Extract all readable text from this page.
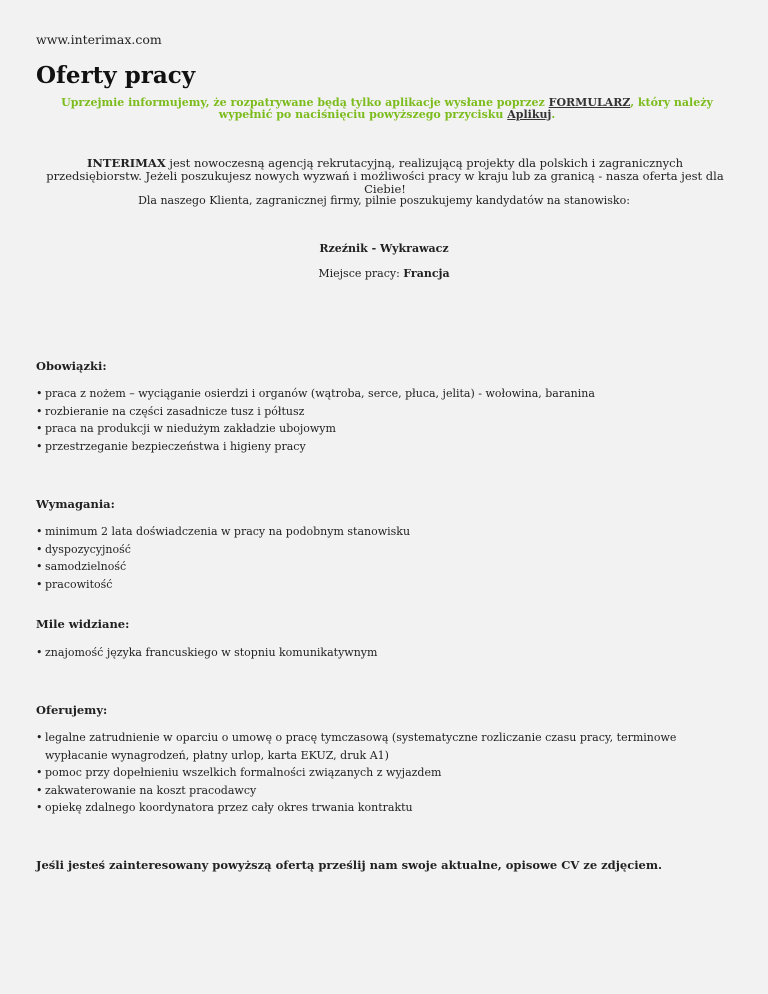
www.interimax.com
Oferty pracy
Uprzejmie informujemy, że rozpatrywane będą tylko aplikacje wysłane poprzez FORMULARZ, który należy wypełnić po naciśnięciu powyższego przycisku Aplikuj.
INTERIMAX jest nowoczesną agencją rekrutacyjną, realizującą projekty dla polskich i zagranicznych przedsiębiorstw. Jeżeli poszukujesz nowych wyzwań i możliwości pracy w kraju lub za granicą - nasza oferta jest dla Ciebie!
Dla naszego Klienta, zagranicznej firmy, pilnie poszukujemy kandydatów na stanowisko:
Rzeźnik - Wykrawacz
Miejsce pracy: Francja
Obowiązki:
• praca z nożem – wyciąganie osierdzi i organów (wątroba, serce, płuca, jelita) - wołowina, baranina
• rozbieranie na części zasadnicze tusz i półtusz
• praca na produkcji w niedużym zakładzie ubojowym
• przestrzeganie bezpieczeństwa i higieny pracy
Wymagania:
• minimum 2 lata doświadczenia w pracy na podobnym stanowisku
• dyspozycyjność
• samodzielność
• pracowitość
Mile widziane:
• znajomość języka francuskiego w stopniu komunikatywnym
Oferujemy:
• legalne zatrudnienie w oparciu o umowę o pracę tymczasową (systematyczne rozliczanie czasu pracy, terminowe wypłacanie wynagrodzeń, płatny urlop, karta EKUZ, druk A1)
• pomoc przy dopełnieniu wszelkich formalności związanych z wyjazdem
• zakwaterowanie na koszt pracodawcy
• opiekę zdalnego koordynatora przez cały okres trwania kontraktu
Jeśli jesteś zainteresowany powyższą ofertą prześlij nam swoje aktualne, opisowe CV ze zdjęciem.
